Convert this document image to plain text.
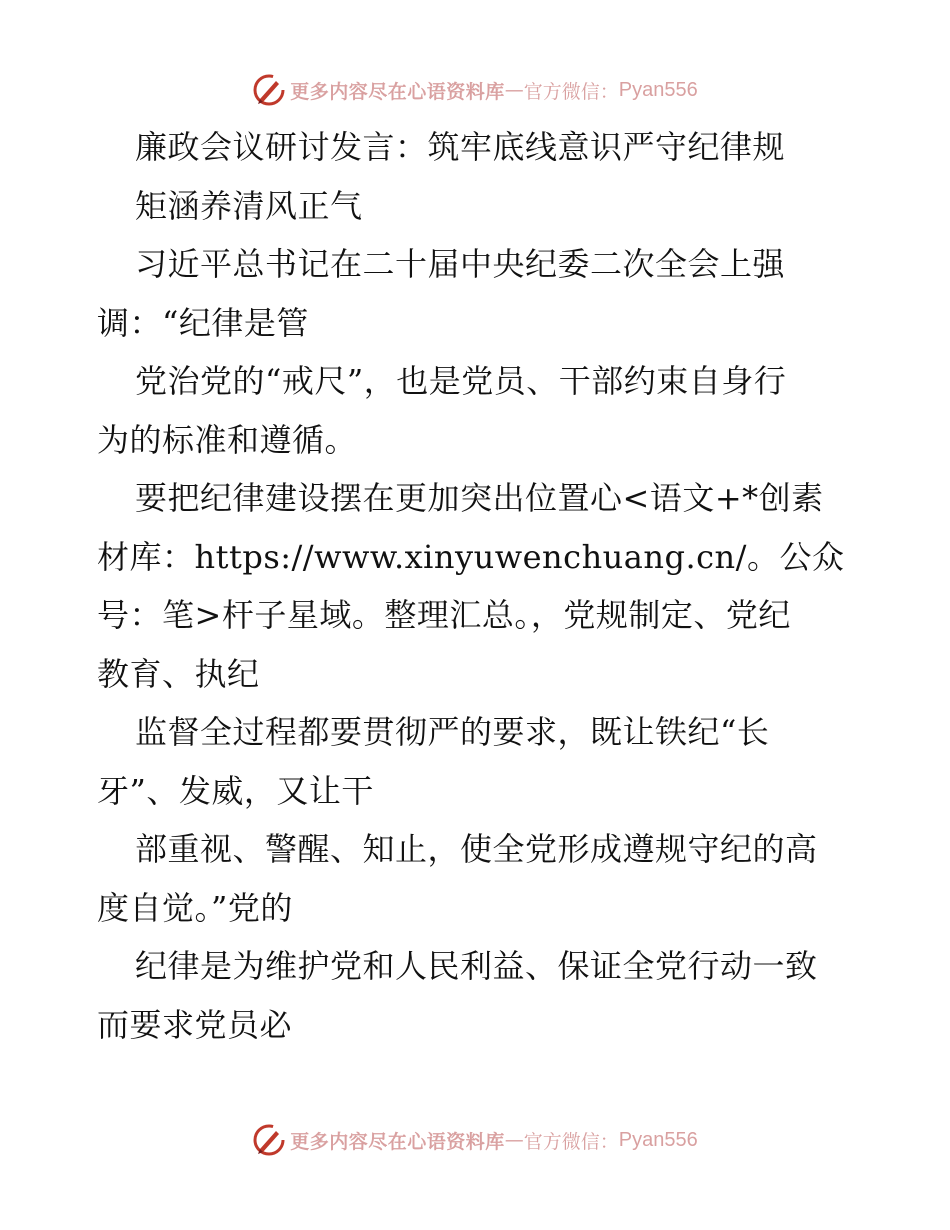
更多内容尽在心语资料库 — 官方微信： Pyan556
廉政会议研讨发言：筑牢底线意识严守纪律规
矩涵养清风正气
习近平总书记在二十届中央纪委二次全会上强
调：“纪律是管
党治党的“戒尺”，也是党员、干部约束自身行
为的标准和遵循。
要把纪律建设摆在更加突出位置心<语文+*创素
材库：https://www.xinyuwenchuang.cn/。公众
号：笔>杆子星域。整理汇总。，党规制定、党纪
教育、执纪
监督全过程都要贯彻严的要求，既让铁纪“长
牙”、发威，又让干
部重视、警醒、知止，使全党形成遵规守纪的高
度自觉。”党的
纪律是为维护党和人民利益、保证全党行动一致
而要求党员必
更多内容尽在心语资料库 — 官方微信： Pyan556
